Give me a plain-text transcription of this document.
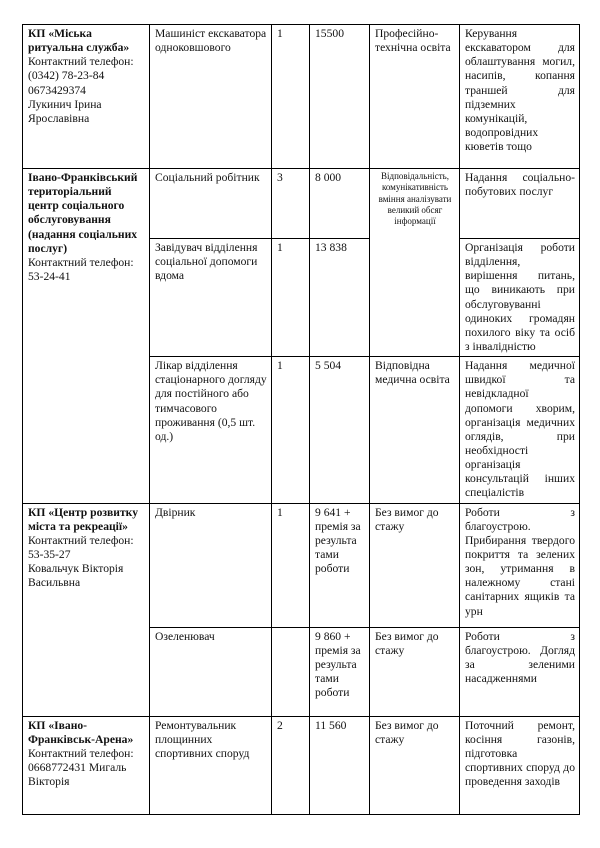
КП «Міська ритуальна служба»
Контактний телефон:
(0342) 78-23-84
0673429374
Лукинич Ірина Ярославівна	Машиніст екскаватора одноковшового	1	15500	Професійно-технічна освіта	Керування екскаватором для облаштування могил, насипів, копання траншей для підземних комунікацій, водопровідних кюветів тощо

Івано-Франківський територіальний центр соціального обслуговування (надання соціальних послуг)
Контактний телефон:
53-24-41	Соціальний робітник	3	8 000	Відповідальність, комунікативність вміння аналізувати великий обсяг інформації	Надання соціально-побутових послуг
	Завідувач відділення соціальної допомоги вдома	1	13 838		Організація роботи відділення, вирішення питань, що виникають при обслуговуванні одиноких громадян похилого віку та осіб з інвалідністю
	Лікар відділення стаціонарного догляду для постійного або тимчасового проживання (0,5 шт. од.)	1	5 504	Відповідна медична освіта	Надання медичної швидкої та невідкладної допомоги хворим, організація медичних оглядів, при необхідності організація консультацій інших спеціалістів

КП «Центр розвитку міста та рекреації»
Контактний телефон:
53-35-27
Ковальчук Вікторія Васильвна	Двірник	1	9 641 + премія за результа тами роботи	Без вимог до стажу	Роботи з благоустрою. Прибирання твердого покриття та зелених зон, утримання в належному стані санітарних ящиків та урн
	Озеленювач		9 860 + премія за результа тами роботи	Без вимог до стажу	Роботи з благоустрою. Догляд за зеленими насадженнями

КП «Івано-Франківськ-Арена»
Контактний телефон:
0668772431 Мигаль Вікторія	Ремонтувальник площинних спортивних споруд	2	11 560	Без вимог до стажу	Поточний ремонт, косіння газонів, підготовка спортивних споруд до проведення заходів
